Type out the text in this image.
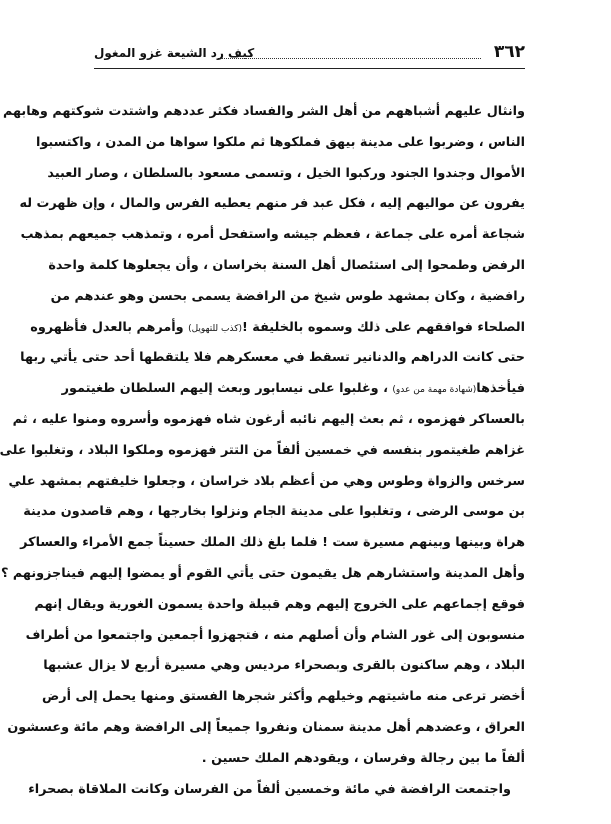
٣٦٢
كيف رد الشيعة غزو المغول
وانثال عليهم أشباههم من أهل الشر والفساد فكثر عددهم واشتدت شوكتهم وهابهم
الناس ، وضربوا على مدينة بيهق فملكوها ثم ملكوا سواها من المدن ، واكتسبوا
الأموال وجندوا الجنود وركبوا الخيل ، وتسمى مسعود بالسلطان ، وصار العبيد
يفرون عن مواليهم إليه ، فكل عبد فر منهم يعطيه الفرس والمال ، وإن ظهرت له
شجاعة أمره على جماعة ، فعظم جيشه واستفحل أمره ، وتمذهب جميعهم بمذهب
الرفض وطمحوا إلى استئصال أهل السنة بخراسان ، وأن يجعلوها كلمة واحدة
رافضية ، وكان بمشهد طوس شيخ من الرافضة يسمى بحسن وهو عندهم من
الصلحاء فوافقهم على ذلك وسموه بالخليفة !(كذب للتهويل) وأمرهم بالعدل فأظهروه
حتى كانت الدراهم والدنانير تسقط في معسكرهم فلا يلتقطها أحد حتى يأتي ربها
فيأخذها(شهادة مهمة من عدو) ، وغلبوا على نيسابور وبعث إليهم السلطان طغيتمور
بالعساكر فهزموه ، ثم بعث إليهم نائبه أرغون شاه فهزموه وأسروه ومنوا عليه ، ثم
غزاهم طغيتمور بنفسه في خمسين ألفاً من التتر فهزموه وملكوا البلاد ، وتغلبوا على
سرخس والزواة وطوس وهي من أعظم بلاد خراسان ، وجعلوا خليفتهم بمشهد علي
بن موسى الرضى ، وتغلبوا على مدينة الجام ونزلوا بخارجها ، وهم قاصدون مدينة
هراة وبينها وبينهم مسيرة ست ! فلما بلغ ذلك الملك حسيناً جمع الأمراء والعساكر
وأهل المدينة واستشارهم هل يقيمون حتى يأتي القوم أو يمضوا إليهم فيناجزونهم ؟
فوقع إجماعهم على الخروج إليهم وهم قبيلة واحدة يسمون الغورية ويقال إنهم
منسوبون إلى غور الشام وأن أصلهم منه ، فتجهزوا أجمعين واجتمعوا من أطراف
البلاد ، وهم ساكنون بالقرى وبصحراء مرديس وهي مسيرة أربع لا يزال عشبها
أخضر ترعى منه ماشيتهم وخيلهم وأكثر شجرها الفستق ومنها يحمل إلى أرض
العراق ، وعضدهم أهل مدينة سمنان ونفروا جميعاً إلى الرافضة وهم مائة وعسشون
ألفاً ما بين رجالة وفرسان ، ويقودهم الملك حسين .
واجتمعت الرافضة في مائة وخمسين ألفاً من الفرسان وكانت الملاقاة بصحراء
